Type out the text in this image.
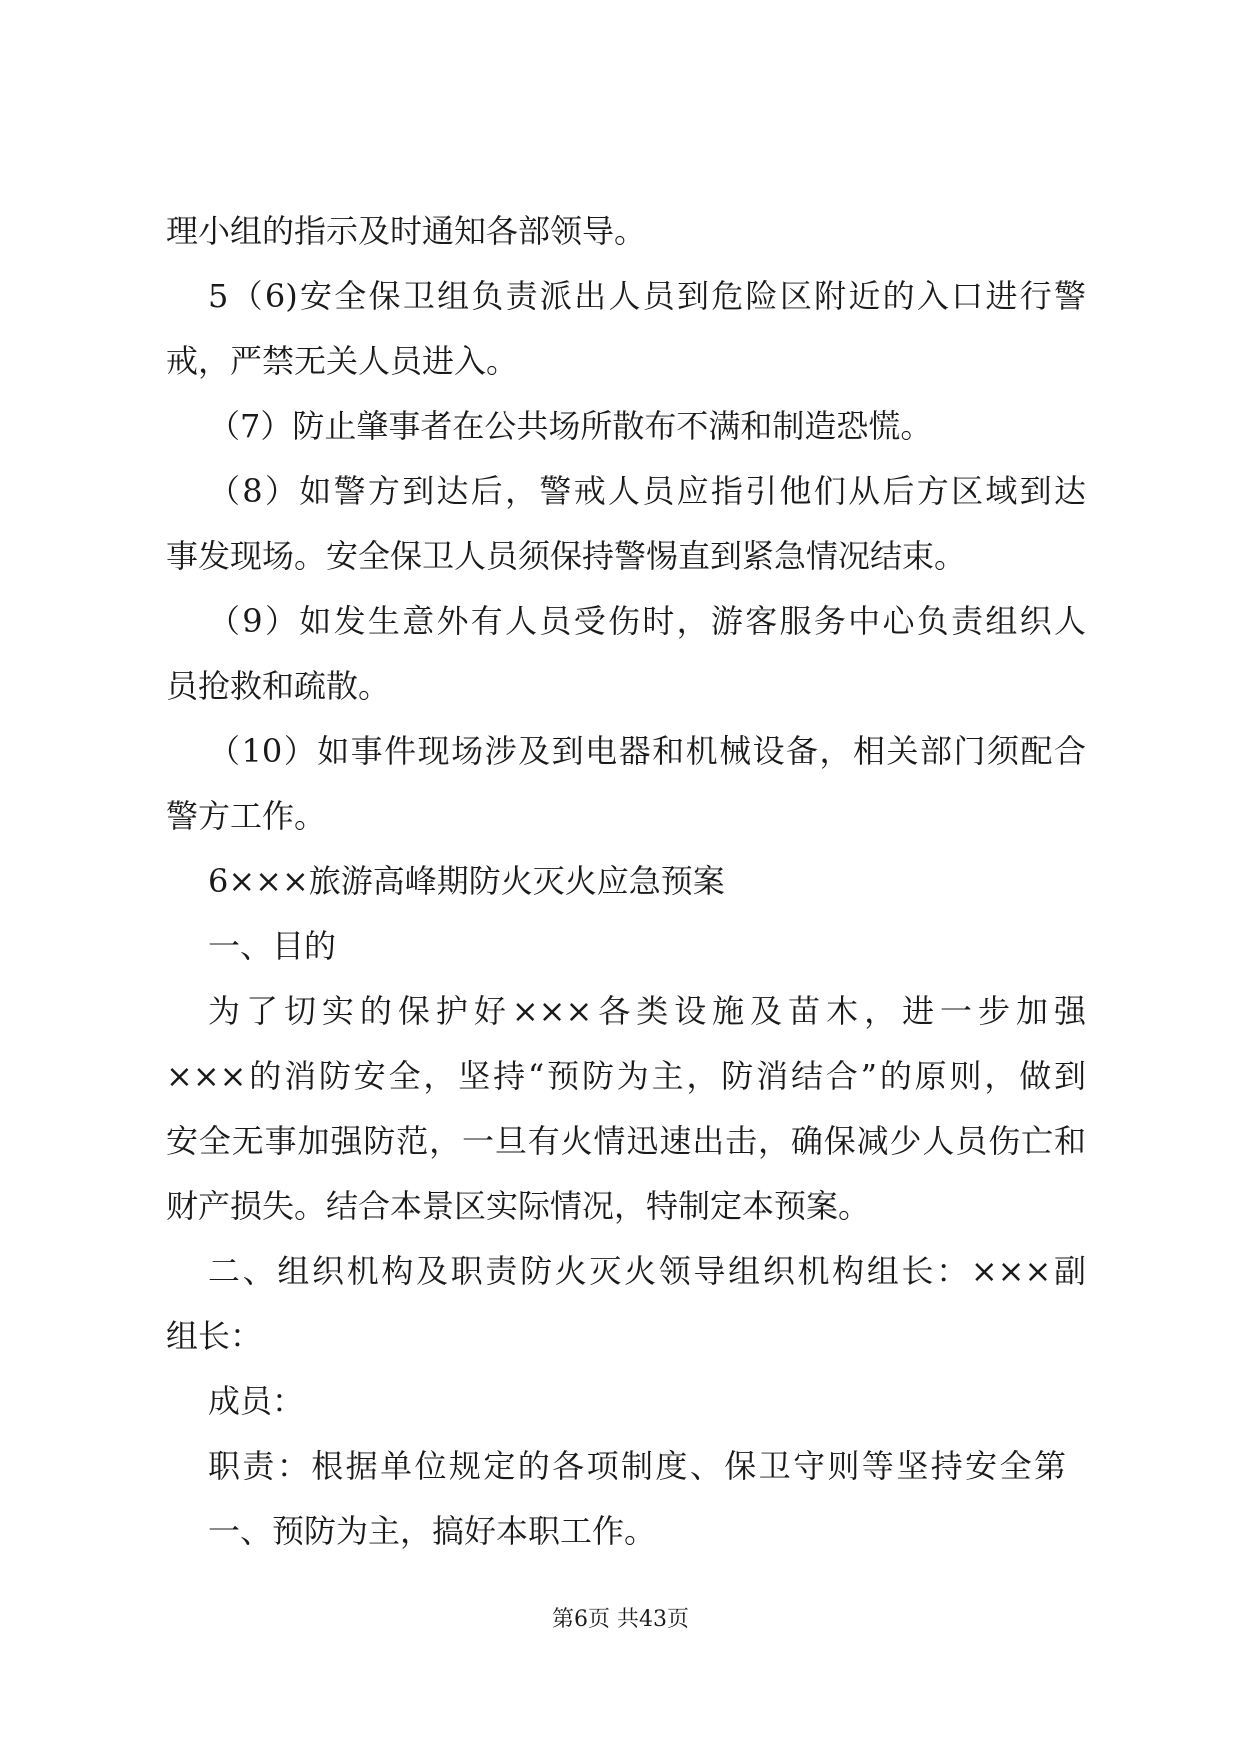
理小组的指示及时通知各部领导。
5（6)安全保卫组负责派出人员到危险区附近的入口进行警
戒，严禁无关人员进入。
（7）防止肇事者在公共场所散布不满和制造恐慌。
（8）如警方到达后，警戒人员应指引他们从后方区域到达
事发现场。安全保卫人员须保持警惕直到紧急情况结束。
（9）如发生意外有人员受伤时，游客服务中心负责组织人
员抢救和疏散。
（10）如事件现场涉及到电器和机械设备，相关部门须配合
警方工作。
6×××旅游高峰期防火灭火应急预案
一、目的
为了切实的保护好×××各类设施及苗木，进一步加强
×××的消防安全，坚持“预防为主，防消结合”的原则，做到
安全无事加强防范，一旦有火情迅速出击，确保减少人员伤亡和
财产损失。结合本景区实际情况，特制定本预案。
二、组织机构及职责防火灭火领导组织机构组长：×××副
组长：
成员：
职责：根据单位规定的各项制度、保卫守则等坚持安全第
一、预防为主，搞好本职工作。
第6页 共43页
